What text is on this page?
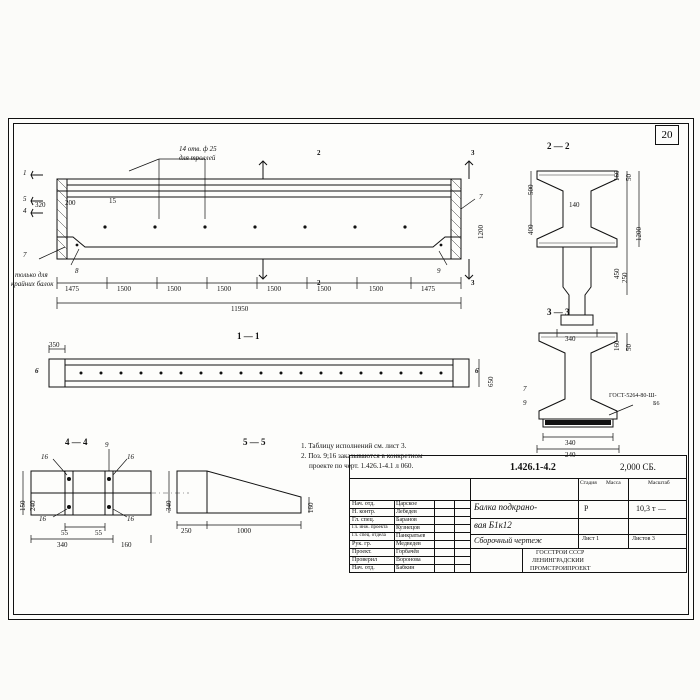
20
14 отв. ф 25
для троллей
2
2
3
3
1
5
4
320	200	15
1200
7
8	9
7
только для
крайних балок
1475	1500	1500	1500	1500	1500	1500	1475
11950
1 — 1
350
650
6	6
2 — 2
500
400
250
1200
50
160
450
340
140
3 — 3
50
160
340
240
7
9
ГОСТ-5264-80-Ш-
Б6
4 — 4	9
16	16
16	16
150 240
55	55
340	160
5 — 5
340
250	1000
160
1. Таблицу исполнений см. лист 3.
2. Поз. 9;16 заказываются в конкретном
проекте по черт. 1.426.1-4.1 л 060.	1.426.1-4.2	2,000 СБ.
Нач. отд.	Царское
Н. контр.	Лебедев
Гл. спец.	Баранов
Гл. инж. проекта Кузнецов
Гл. спец. отдела Панкратьев
Рук. гр.	Медведев
Проект.	Горбачёв
Проверил	Воронова
Нач. отд.	Бабкин
Балка подкрано-
вая Б1к12
Сборочный чертеж
Стадия Масса	Масштаб
Р	10,3 т —
Лист 1	Листов 3
ГОССТРОЙ СССР
ЛЕНИНГРАДСКИЙ
ПРОМСТРОЙПРОЕКТ
